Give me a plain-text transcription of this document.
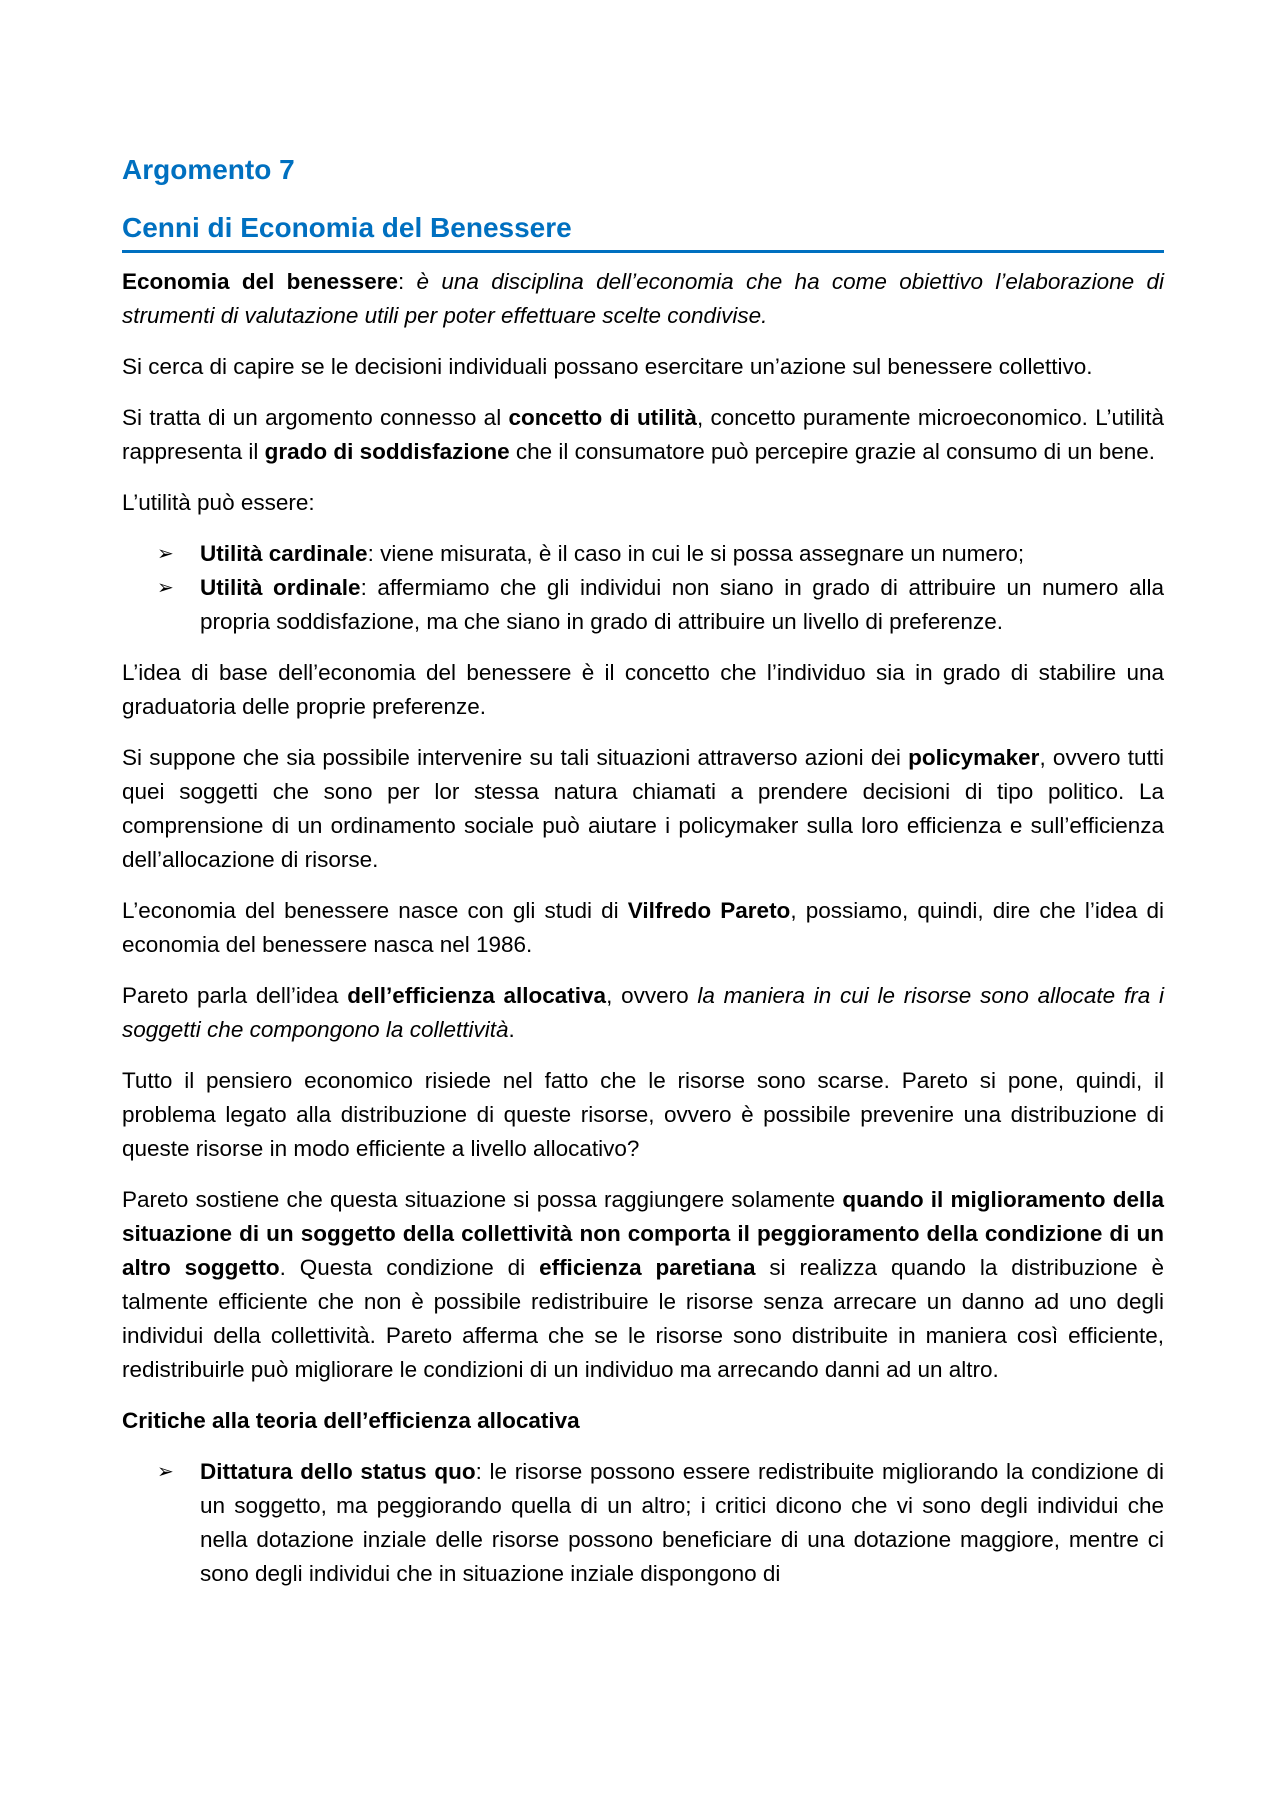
Argomento 7
Cenni di Economia del Benessere

Economia del benessere: è una disciplina dell’economia che ha come obiettivo l’elaborazione di strumenti di valutazione utili per poter effettuare scelte condivise.

Si cerca di capire se le decisioni individuali possano esercitare un’azione sul benessere collettivo.

Si tratta di un argomento connesso al concetto di utilità, concetto puramente microeconomico. L’utilità rappresenta il grado di soddisfazione che il consumatore può percepire grazie al consumo di un bene.

L’utilità può essere:

➢ Utilità cardinale: viene misurata, è il caso in cui le si possa assegnare un numero;
➢ Utilità ordinale: affermiamo che gli individui non siano in grado di attribuire un numero alla propria soddisfazione, ma che siano in grado di attribuire un livello di preferenze.

L’idea di base dell’economia del benessere è il concetto che l’individuo sia in grado di stabilire una graduatoria delle proprie preferenze.

Si suppone che sia possibile intervenire su tali situazioni attraverso azioni dei policymaker, ovvero tutti quei soggetti che sono per lor stessa natura chiamati a prendere decisioni di tipo politico. La comprensione di un ordinamento sociale può aiutare i policymaker sulla loro efficienza e sull’efficienza dell’allocazione di risorse.

L’economia del benessere nasce con gli studi di Vilfredo Pareto, possiamo, quindi, dire che l’idea di economia del benessere nasca nel 1986.

Pareto parla dell’idea dell’efficienza allocativa, ovvero la maniera in cui le risorse sono allocate fra i soggetti che compongono la collettività.

Tutto il pensiero economico risiede nel fatto che le risorse sono scarse. Pareto si pone, quindi, il problema legato alla distribuzione di queste risorse, ovvero è possibile prevenire una distribuzione di queste risorse in modo efficiente a livello allocativo?

Pareto sostiene che questa situazione si possa raggiungere solamente quando il miglioramento della situazione di un soggetto della collettività non comporta il peggioramento della condizione di un altro soggetto. Questa condizione di efficienza paretiana si realizza quando la distribuzione è talmente efficiente che non è possibile redistribuire le risorse senza arrecare un danno ad uno degli individui della collettività. Pareto afferma che se le risorse sono distribuite in maniera così efficiente, redistribuirle può migliorare le condizioni di un individuo ma arrecando danni ad un altro.

Critiche alla teoria dell’efficienza allocativa
➢ Dittatura dello status quo: le risorse possono essere redistribuite migliorando la condizione di un soggetto, ma peggiorando quella di un altro; i critici dicono che vi sono degli individui che nella dotazione inziale delle risorse possono beneficiare di una dotazione maggiore, mentre ci sono degli individui che in situazione inziale dispongono di
